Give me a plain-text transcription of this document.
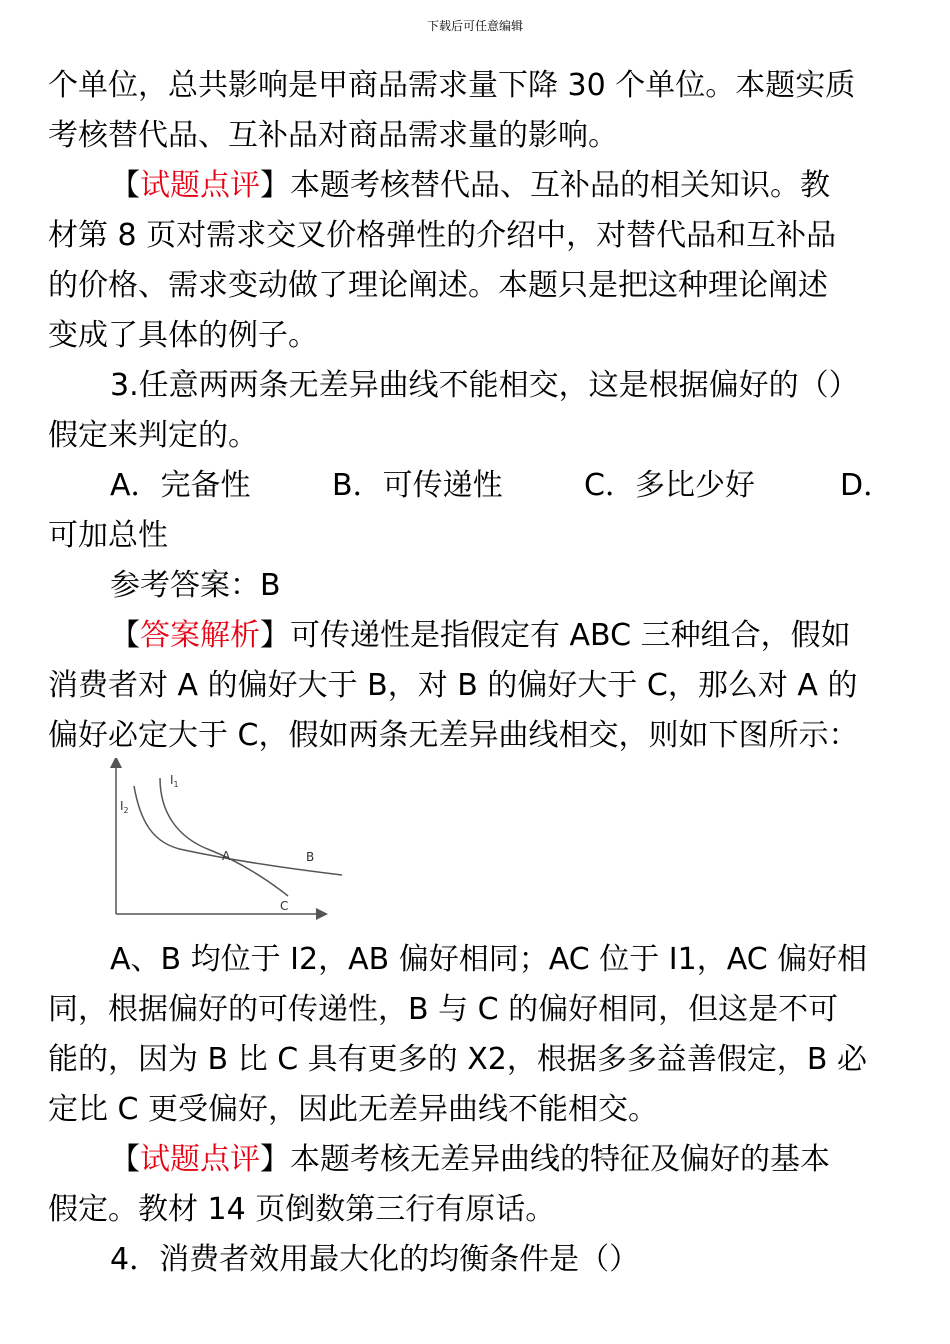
下载后可任意编辑

个单位，总共影响是甲商品需求量下降 30 个单位。本题实质

考核替代品、互补品对商品需求量的影响。

【试题点评】本题考核替代品、互补品的相关知识。教

材第 8 页对需求交叉价格弹性的介绍中，对替代品和互补品

的价格、需求变动做了理论阐述。本题只是把这种理论阐述

变成了具体的例子。

3.任意两两条无差异曲线不能相交，这是根据偏好的（）

假定来判定的。

A．完备性	B．可传递性	C．多比少好	D．

可加总性

参考答案：B

【答案解析】可传递性是指假定有 ABC 三种组合，假如

消费者对 A 的偏好大于 B，对 B 的偏好大于 C，那么对 A 的

偏好必定大于 C，假如两条无差异曲线相交，则如下图所示：

$I_1$
$I_2$
A	B
C

A、B 均位于 I2，AB 偏好相同；AC 位于 I1，AC 偏好相

同，根据偏好的可传递性，B 与 C 的偏好相同，但这是不可

能的，因为 B 比 C 具有更多的 X2，根据多多益善假定，B 必

定比 C 更受偏好，因此无差异曲线不能相交。

【试题点评】本题考核无差异曲线的特征及偏好的基本

假定。教材 14 页倒数第三行有原话。

4．消费者效用最大化的均衡条件是（）
